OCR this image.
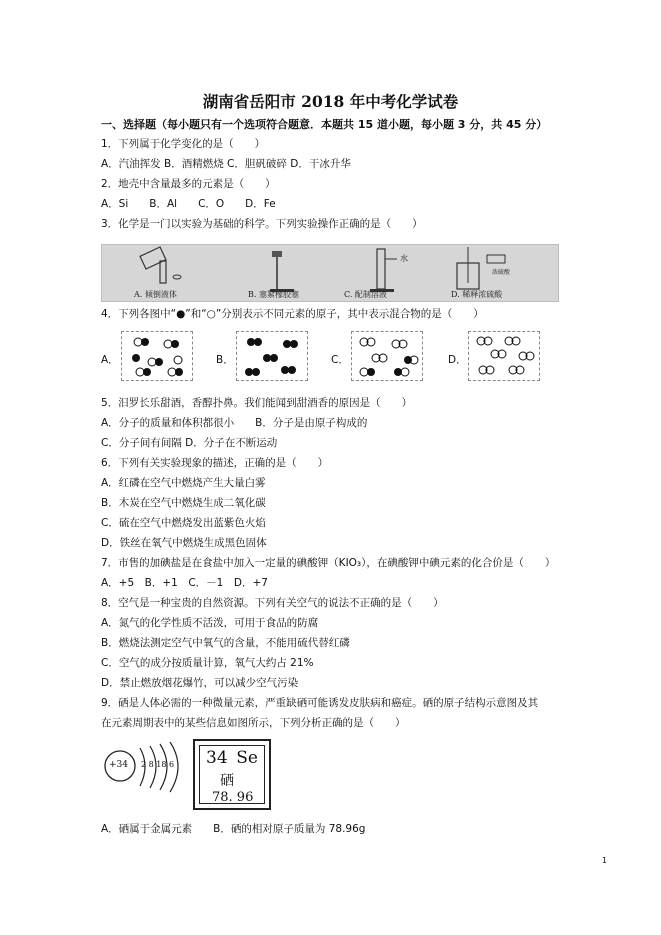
湖南省岳阳市 2018 年中考化学试卷
一、选择题（每小题只有一个选项符合题意．本题共 15 道小题，每小题 3 分，共 45 分）
1．下列属于化学变化的是（　　）
A．汽油挥发 B．酒精燃烧 C．胆矾破碎 D．干冰升华
2．地壳中含量最多的元素是（　　）
A．Si　　B．Al　　C．O　　D．Fe
3．化学是一门以实验为基础的科学。下列实验操作正确的是（　　）
A. 倾倒液体	B. 塞紧橡胶塞	C. 配制溶液	D. 稀释浓硫酸
水
浓硫酸
4．下列各图中“●”和“○”分别表示不同元素的原子，其中表示混合物的是（　　）
A．	B．	C．	D．
5．汨罗长乐甜酒，香醇扑鼻。我们能闻到甜酒香的原因是（　　）
A．分子的质量和体积都很小　　B．分子是由原子构成的
C．分子间有间隔 D．分子在不断运动
6．下列有关实验现象的描述，正确的是（　　）
A．红磷在空气中燃烧产生大量白雾
B．木炭在空气中燃烧生成二氧化碳
C．硫在空气中燃烧发出蓝紫色火焰
D．铁丝在氧气中燃烧生成黑色固体
7．市售的加碘盐是在食盐中加入一定量的碘酸钾（KIO₃），在碘酸钾中碘元素的化合价是（　　）
A．+5　B．+1　C．－1　D．+7
8．空气是一种宝贵的自然资源。下列有关空气的说法不正确的是（　　）
A．氮气的化学性质不活泼，可用于食品的防腐
B．燃烧法测定空气中氧气的含量，不能用硫代替红磷
C．空气的成分按质量计算，氧气大约占 21%
D．禁止燃放烟花爆竹，可以减少空气污染
9．硒是人体必需的一种微量元素，严重缺硒可能诱发皮肤病和癌症。硒的原子结构示意图及其
在元素周期表中的某些信息如图所示，下列分析正确的是（　　）
+34 2 8 18 6 34 Se
硒
78. 96
A．硒属于金属元素　　B．硒的相对原子质量为 78.96g
1
